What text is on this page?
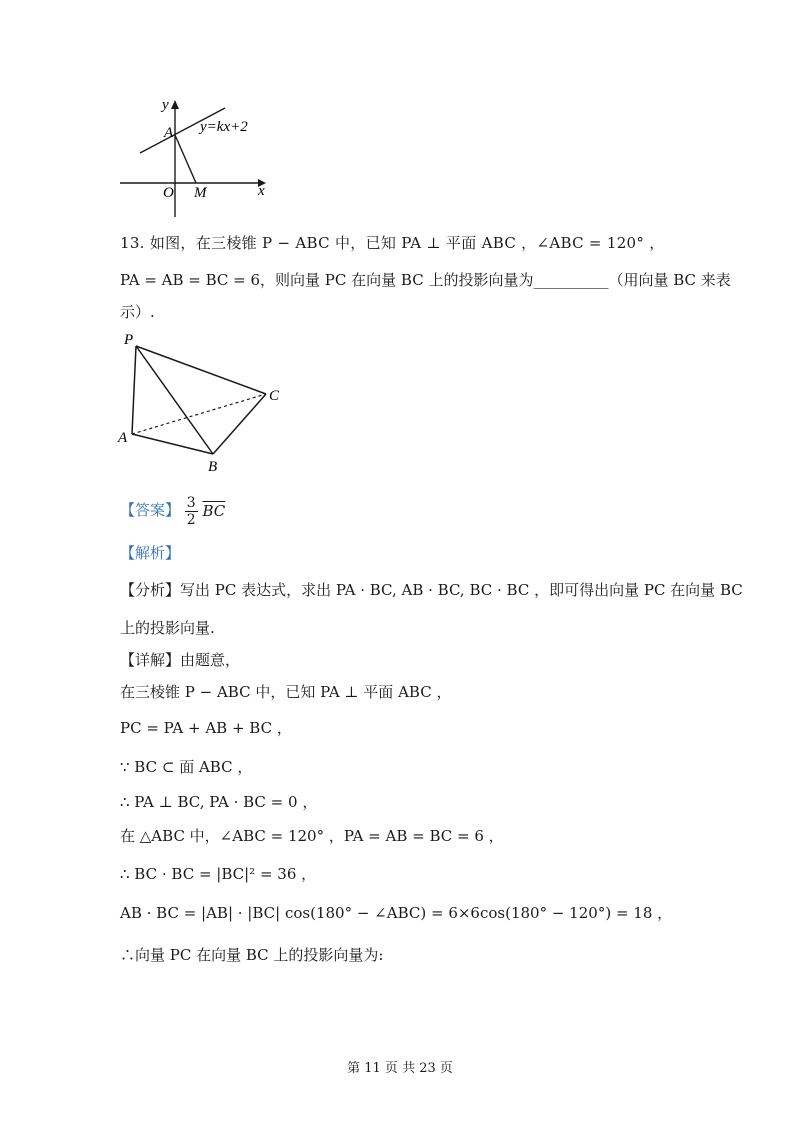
y
x
O
A
M
y=kx+2
13. 如图，在三棱锥 P − ABC 中，已知 PA ⊥ 平面 ABC ，∠ABC = 120° ，
PA = AB = BC = 6，则向量 PC 在向量 BC 上的投影向量为__________（用向量 BC 来表
示）.
P
A
B
C
【答案】 $\frac{3}{2} \overline{BC}$
【解析】
【分析】写出 PC 表达式，求出 PA · BC, AB · BC, BC · BC ，即可得出向量 PC 在向量 BC
上的投影向量.
【详解】由题意，
在三棱锥 P − ABC 中，已知 PA ⊥ 平面 ABC ，
PC = PA + AB + BC ，
∵ BC ⊂ 面 ABC ，
∴ PA ⊥ BC, PA · BC = 0 ，
在 △ABC 中，∠ABC = 120° ，PA = AB = BC = 6 ，
∴ BC · BC = |BC|² = 36 ，
AB · BC = |AB| · |BC| cos(180° − ∠ABC) = 6×6cos(180° − 120°) = 18 ，
∴向量 PC 在向量 BC 上的投影向量为:
第 11 页 共 23 页
